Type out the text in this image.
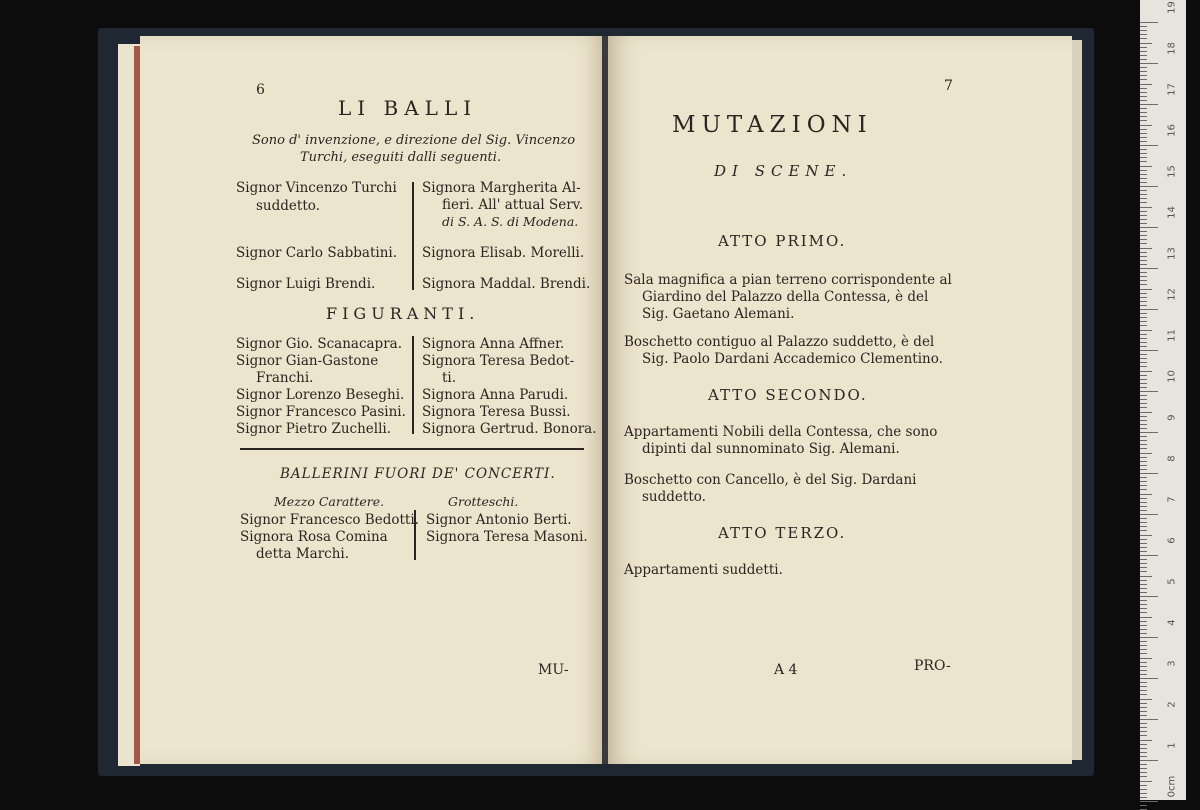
6
LI BALLI
Sono d' invenzione, e direzione del Sig. Vincenzo
Turchi, eseguiti dalli seguenti.
Signor Vincenzo Turchi
suddetto.
Signor Carlo Sabbatini.
Signor Luigi Brendi.
Signora Margherita Al-
fieri. All' attual Serv.
di S. A. S. di Modena.
Signora Elisab. Morelli.
Signora Maddal. Brendi.
FIGURANTI.
Signor Gio. Scanacapra.
Signor Gian-Gastone
Franchi.
Signor Lorenzo Beseghi.
Signor Francesco Pasini.
Signor Pietro Zuchelli.
Signora Anna Affner.
Signora Teresa Bedot-
ti.
Signora Anna Parudi.
Signora Teresa Bussi.
Signora Gertrud. Bonora.
BALLERINI FUORI DE' CONCERTI.
Mezzo Carattere.	Grotteschi.
Signor Francesco Bedotti.
Signora Rosa Comina
detta Marchi.
Signor Antonio Berti.
Signora Teresa Masoni.
MU-
7
MUTAZIONI
DI SCENE.
ATTO PRIMO.
Sala magnifica a pian terreno corrispondente al
Giardino del Palazzo della Contessa, è del
Sig. Gaetano Alemani.
Boschetto contiguo al Palazzo suddetto, è del
Sig. Paolo Dardani Accademico Clementino.
ATTO SECONDO.
Appartamenti Nobili della Contessa, che sono
dipinti dal sunnominato Sig. Alemani.
Boschetto con Cancello, è del Sig. Dardani
suddetto.
ATTO TERZO.
Appartamenti suddetti.
A 4	PRO-
19
18
17
16
15
14
13
12
11
10
9
8
7
6
5
4
3
2
1
0cm
